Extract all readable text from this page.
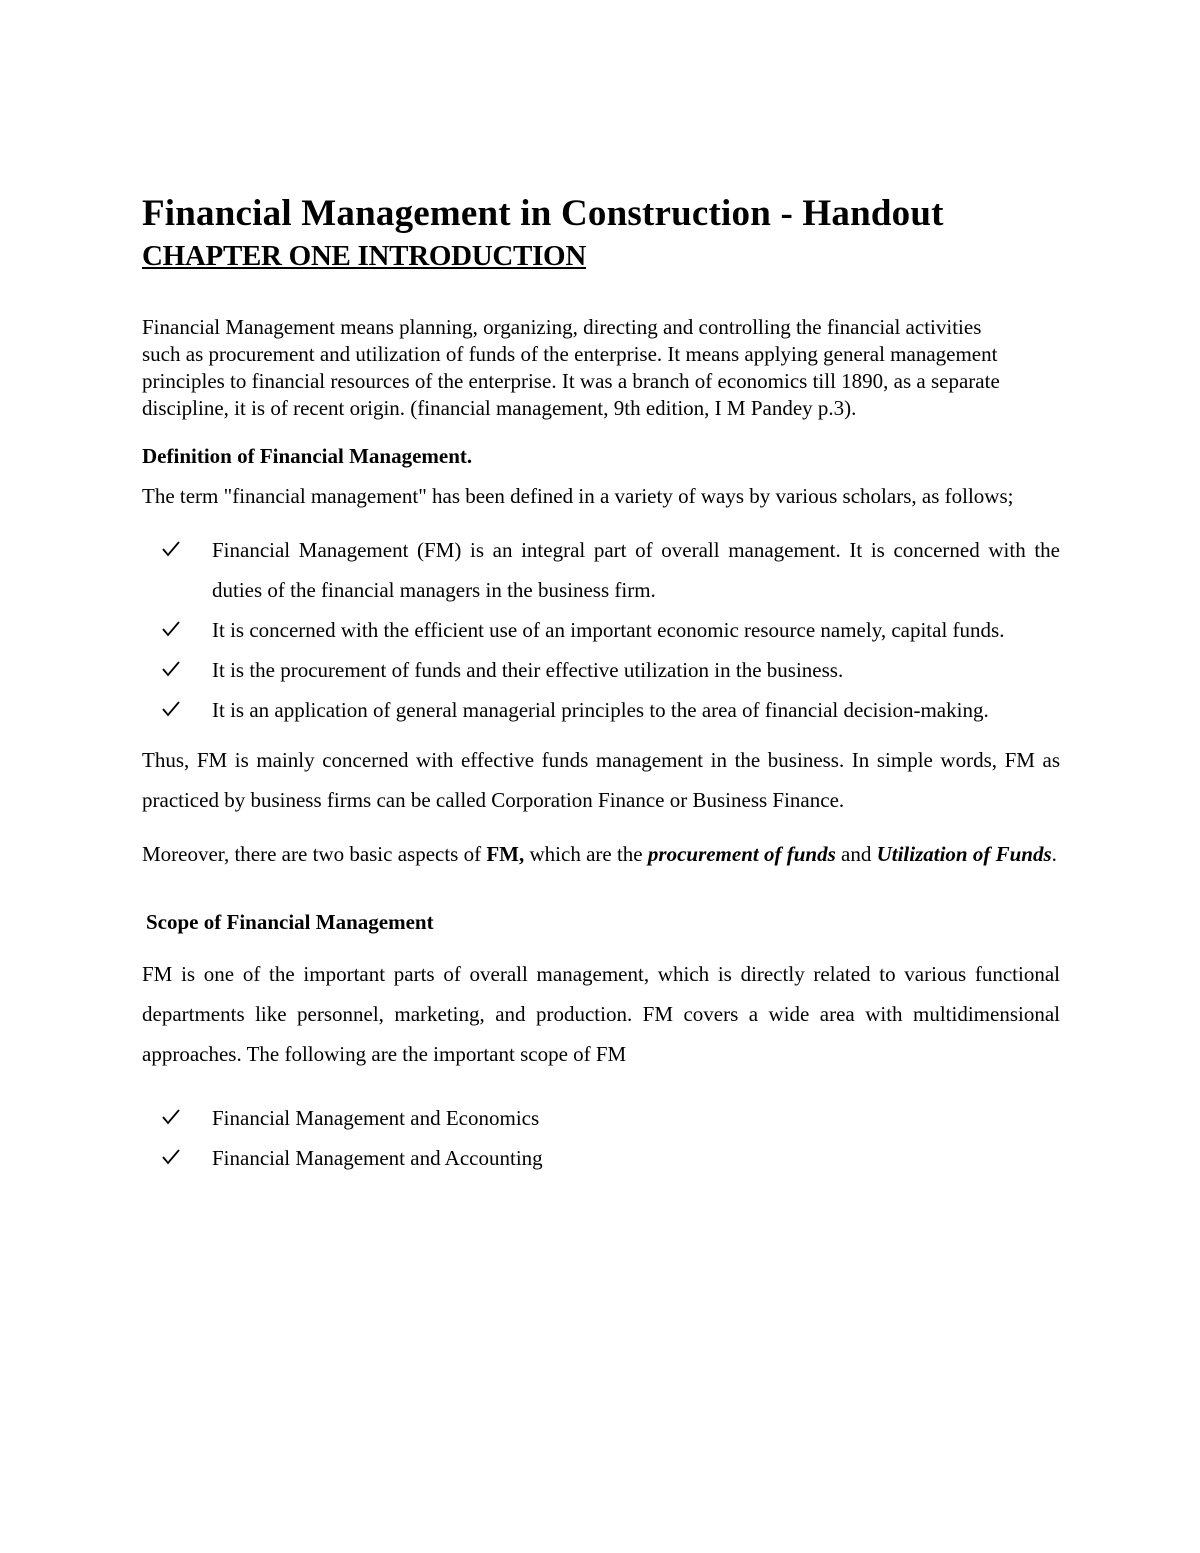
Financial Management in Construction - Handout
CHAPTER ONE INTRODUCTION

Financial Management means planning, organizing, directing and controlling the financial activities such as procurement and utilization of funds of the enterprise. It means applying general management principles to financial resources of the enterprise. It was a branch of economics till 1890, as a separate discipline, it is of recent origin. (financial management, 9th edition, I M Pandey p.3).

Definition of Financial Management.

The term "financial management" has been defined in a variety of ways by various scholars, as follows;

Financial Management (FM) is an integral part of overall management. It is concerned with the duties of the financial managers in the business firm.
It is concerned with the efficient use of an important economic resource namely, capital funds.
It is the procurement of funds and their effective utilization in the business.
It is an application of general managerial principles to the area of financial decision-making.

Thus, FM is mainly concerned with effective funds management in the business. In simple words, FM as practiced by business firms can be called Corporation Finance or Business Finance.

Moreover, there are two basic aspects of FM, which are the procurement of funds and Utilization of Funds.

Scope of Financial Management

FM is one of the important parts of overall management, which is directly related to various functional departments like personnel, marketing, and production. FM covers a wide area with multidimensional approaches. The following are the important scope of FM

Financial Management and Economics
Financial Management and Accounting
